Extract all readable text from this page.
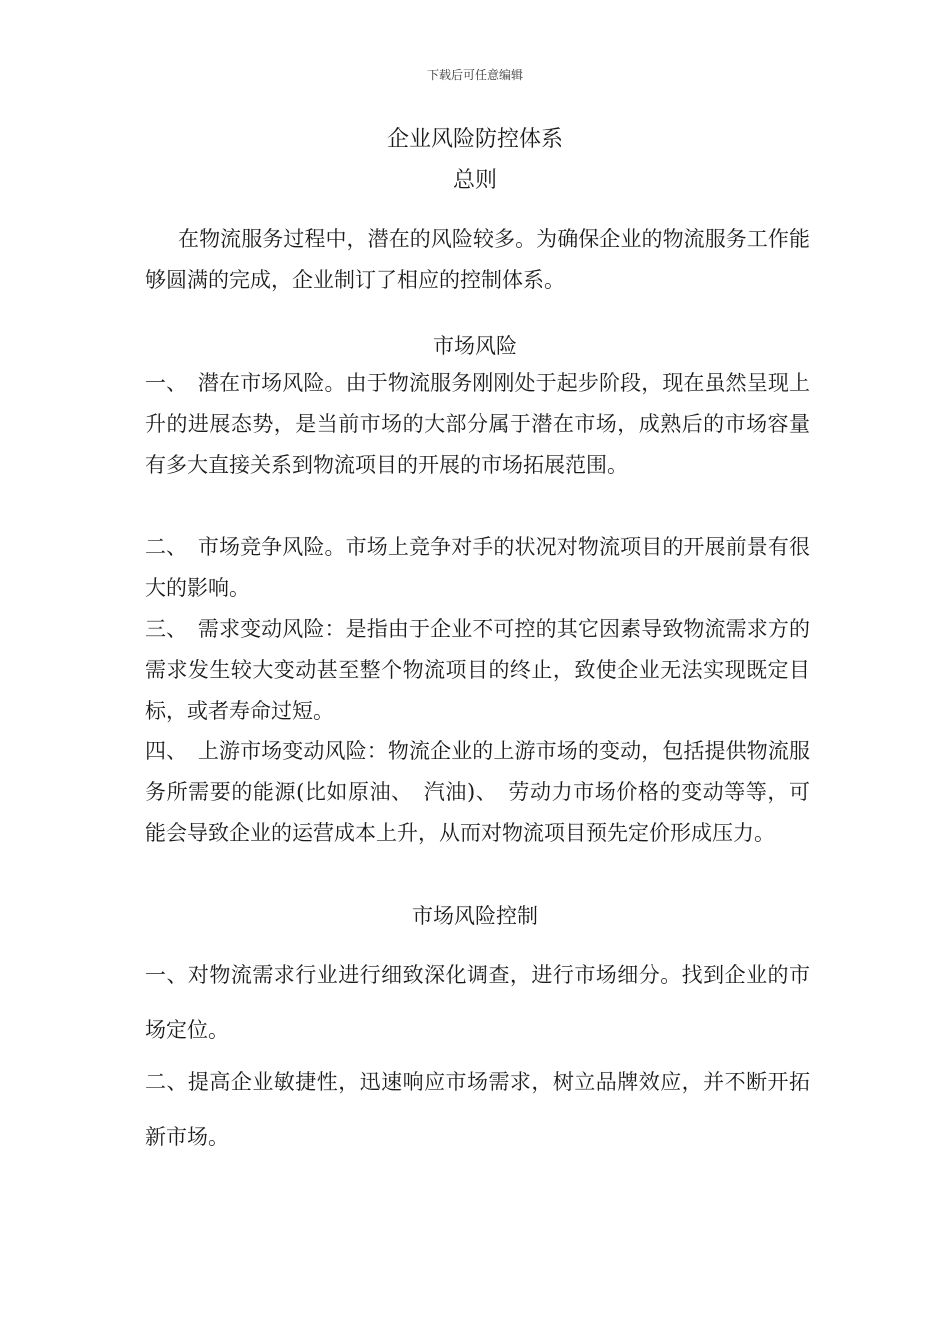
下载后可任意编辑
企业风险防控体系
总则

在物流服务过程中，潜在的风险较多。为确保企业的物流服务工作能够圆满的完成，企业制订了相应的控制体系。

市场风险

一、　潜在市场风险。由于物流服务刚刚处于起步阶段，现在虽然呈现上升的进展态势，是当前市场的大部分属于潜在市场，成熟后的市场容量有多大直接关系到物流项目的开展的市场拓展范围。

二、　市场竞争风险。市场上竞争对手的状况对物流项目的开展前景有很大的影响。

三、　需求变动风险：是指由于企业不可控的其它因素导致物流需求方的需求发生较大变动甚至整个物流项目的终止，致使企业无法实现既定目标，或者寿命过短。

四、　上游市场变动风险：物流企业的上游市场的变动，包括提供物流服务所需要的能源(比如原油、　汽油)、　劳动力市场价格的变动等等，可能会导致企业的运营成本上升，从而对物流项目预先定价形成压力。

市场风险控制

一、对物流需求行业进行细致深化调查，进行市场细分。找到企业的市场定位。

二、提高企业敏捷性，迅速响应市场需求，树立品牌效应，并不断开拓新市场。
